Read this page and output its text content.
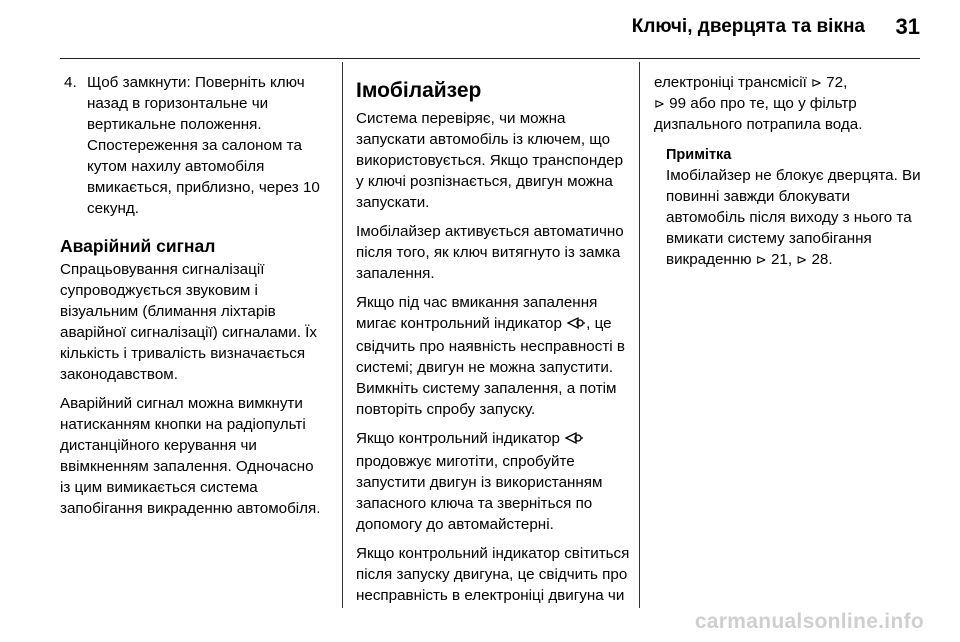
Ключі, дверцята та вікна 31
4. Щоб замкнути: Поверніть ключ назад в горизонтальне чи вертикальне положення. Спостереження за салоном та кутом нахилу автомобіля вмикається, приблизно, через 10 секунд.
Аварійний сигнал

Спрацьовування сигналізації супроводжується звуковим і візуальним (блимання ліхтарів аварійної сигналізації) сигналами. Їх кількість і тривалість визначається законодавством.

Аварійний сигнал можна вимкнути натисканням кнопки на радіопульті дистанційного керування чи ввімкненням запалення. Одночасно із цим вимикається система запобігання викраденню автомобіля.

Імобілайзер

Система перевіряє, чи можна запускати автомобіль із ключем, що використовується. Якщо транспондер у ключі розпізнається, двигун можна запускати.

Імобілайзер активується автоматично після того, як ключ витягнуто із замка запалення.

Якщо під час вмикання запалення мигає контрольний індикатор , це свідчить про наявність несправності в системі; двигун не можна запустити. Вимкніть систему запалення, а потім повторіть спробу запуску.

Якщо контрольний індикатор  продовжує миготіти, спробуйте запустити двигун із використанням запасного ключа та зверніться по допомогу до автомайстерні.

Якщо контрольний індикатор світиться після запуску двигуна, це свідчить про несправність в електроніці двигуна чи

електроніці трансмісії ⊳ 72,
⊳ 99 або про те, що у фільтр дизпального потрапила вода.

Примітка
Імобілайзер не блокує дверцята. Ви повинні завжди блокувати автомобіль після виходу з нього та вмикати систему запобігання викраденню ⊳ 21, ⊳ 28.
carmanualsonline.info
